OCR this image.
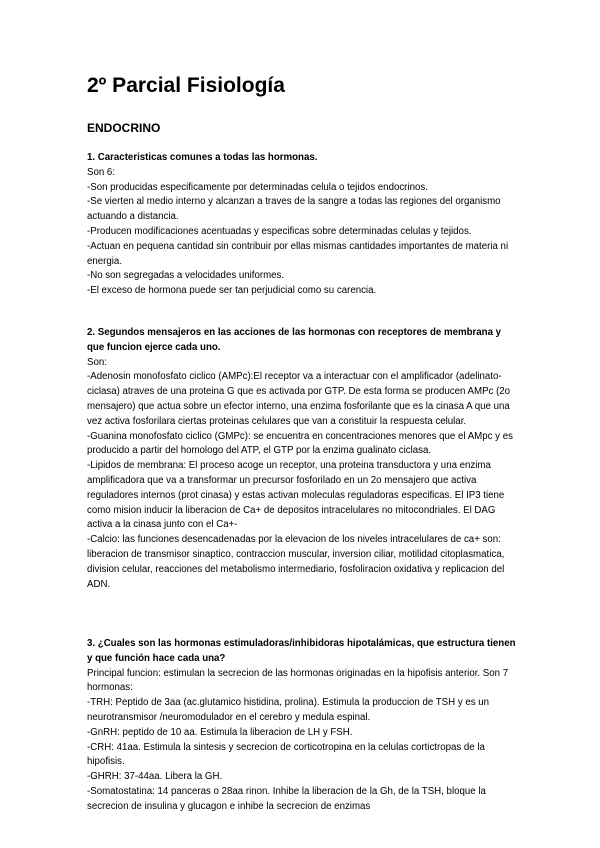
2º Parcial Fisiología
ENDOCRINO

1. Caracteristicas comunes a todas las hormonas.

Son 6:

-Son producidas especificamente por determinadas celula o tejidos endocrinos.

-Se vierten al medio interno y alcanzan a traves de la sangre a todas las regiones del organismo actuando a distancia.

-Producen modificaciones acentuadas y especificas sobre determinadas celulas y tejidos.

-Actuan en pequena cantidad sin contribuir por ellas mismas cantidades importantes de materia ni energia.

-No son segregadas a velocidades uniformes.

-El exceso de hormona puede ser tan perjudicial como su carencia.

2. Segundos mensajeros en las acciones de las hormonas con receptores de membrana y que funcion ejerce cada uno.

Son:

-Adenosin monofosfato ciclico (AMPc):El receptor va a interactuar con el amplificador (adelinato-ciclasa) atraves de una proteina G que es activada por GTP. De esta forma se producen AMPc (2o mensajero) que actua sobre un efector interno, una enzima fosforilante que es la cinasa A que una vez activa fosforilara ciertas proteinas celulares que van a constituir la respuesta celular.

-Guanina monofosfato ciclico (GMPc): se encuentra en concentraciones menores que el AMpc y es producido a partir del homologo del ATP, el GTP por la enzima gualinato ciclasa.

-Lipidos de membrana: El proceso acoge un receptor, una proteina transductora y una enzima amplificadora que va a transformar un precursor fosforilado en un 2o mensajero que activa reguladores internos (prot cinasa) y estas activan moleculas reguladoras especificas. El IP3 tiene como mision inducir la liberacion de Ca+ de depositos intracelulares no mitocondriales. El DAG activa a la cinasa junto con el Ca+-

-Calcio: las funciones desencadenadas por la elevacion de los niveles intracelulares de ca+ son: liberacion de transmisor sinaptico, contraccion muscular, inversion ciliar, motilidad citoplasmatica, division celular, reacciones del metabolismo intermediario, fosfoliracion oxidativa y replicacion del ADN.

3. ¿Cuales son las hormonas estimuladoras/inhibidoras hipotalámicas, que estructura tienen y que función hace cada una?

Principal funcion: estimulan la secrecion de las hormonas originadas en la hipofisis anterior. Son 7 hormonas:

-TRH: Peptido de 3aa (ac.glutamico histidina, prolina). Estimula la produccion de TSH y es un neurotransmisor /neuromodulador en el cerebro y medula espinal.

-GnRH: peptido de 10 aa. Estimula la liberacion de LH y FSH.

-CRH: 41aa. Estimula la sintesis y secrecion de corticotropina en la celulas cortictropas de la hipofisis.

-GHRH: 37-44aa. Libera la GH.

-Somatostatina: 14 panceras o 28aa rinon. Inhibe la liberacion de la Gh, de la TSH, bloque la secrecion de insulina y glucagon e inhibe la secrecion de enzimas
